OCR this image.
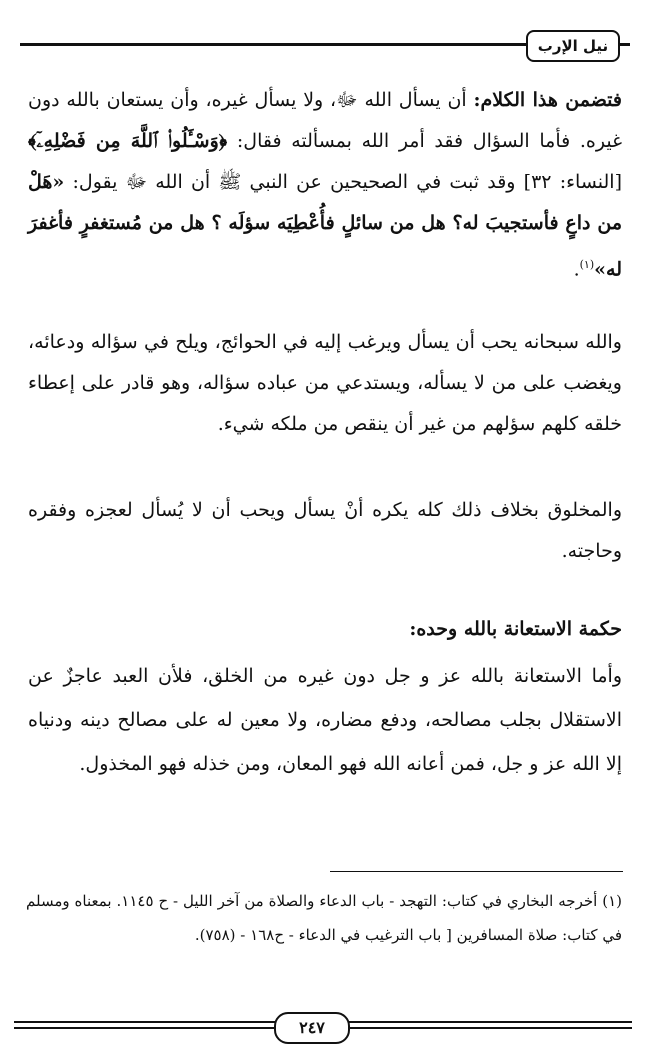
نيل الإرب
فتضمن هذا الكلام: أن يسأل الله ﷻ، ولا يسأل غيره، وأن يستعان بالله دون غيره. فأما السؤال فقد أمر الله بمسألته فقال: ﴿وَسْـَٔلُوا۟ ٱللَّهَ مِن فَضْلِهِۦٓ﴾ [النساء: ٣٢] وقد ثبت في الصحيحين عن النبي ﷺ أن الله ﷻ يقول: «هَلْ من داعٍ فأستجيبَ له؟ هل من سائلٍ فأُعْطِيَه سؤلَه ؟ هل من مُستغفرٍ فأغفرَ له»$^{(١)}$.
والله سبحانه يحب أن يسأل ويرغب إليه في الحوائج، ويلح في سؤاله ودعائه، ويغضب على من لا يسأله، ويستدعي من عباده سؤاله، وهو قادر على إعطاء خلقه كلهم سؤلهم من غير أن ينقص من ملكه شيء.
والمخلوق بخلاف ذلك كله يكره أنْ يسأل ويحب أن لا يُسأل لعجزه وفقره وحاجته.
حكمة الاستعانة بالله وحده:
وأما الاستعانة بالله عز و جل دون غيره من الخلق، فلأن العبد عاجزٌ عن الاستقلال بجلب مصالحه، ودفع مضاره، ولا معين له على مصالح دينه ودنياه إلا الله عز و جل، فمن أعانه الله فهو المعان، ومن خذله فهو المخذول.
(١) أخرجه البخاري في كتاب: التهجد - باب الدعاء والصلاة من آخر الليل - ح ١١٤٥. بمعناه ومسلم في كتاب: صلاة المسافرين [ باب الترغيب في الدعاء - ح١٦٨ - (٧٥٨).
٢٤٧
